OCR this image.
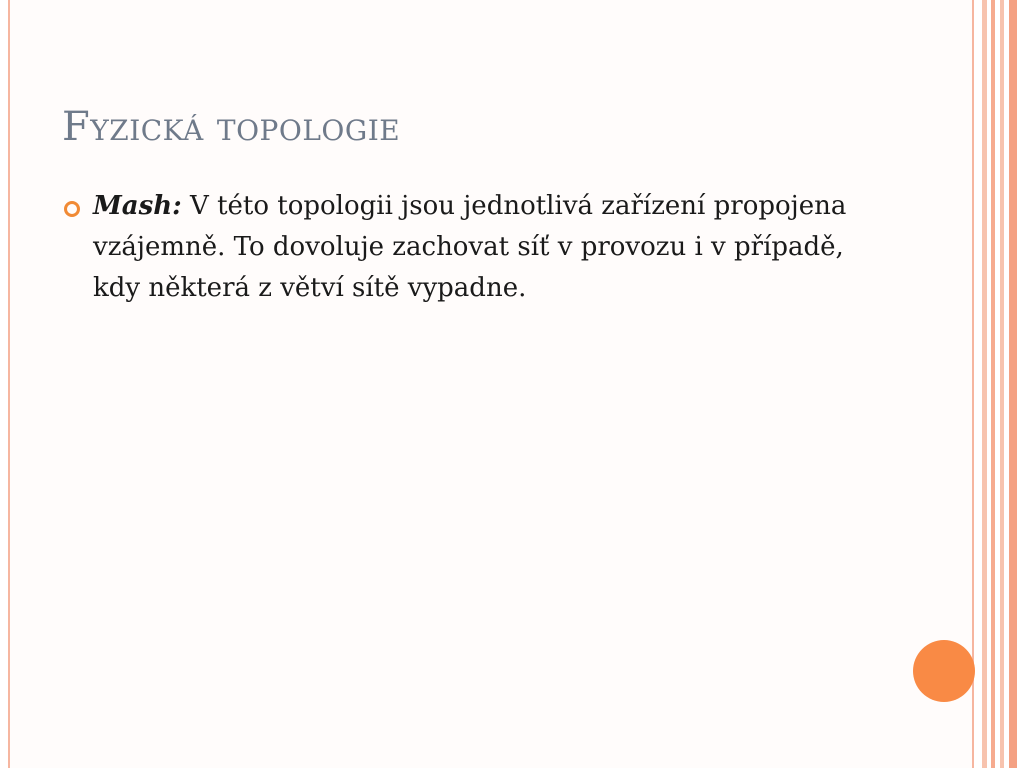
Fyzická topologie
Mash: V této topologii jsou jednotlivá zařízení propojena vzájemně. To dovoluje zachovat síť v provozu i v případě, kdy některá z větví sítě vypadne.
